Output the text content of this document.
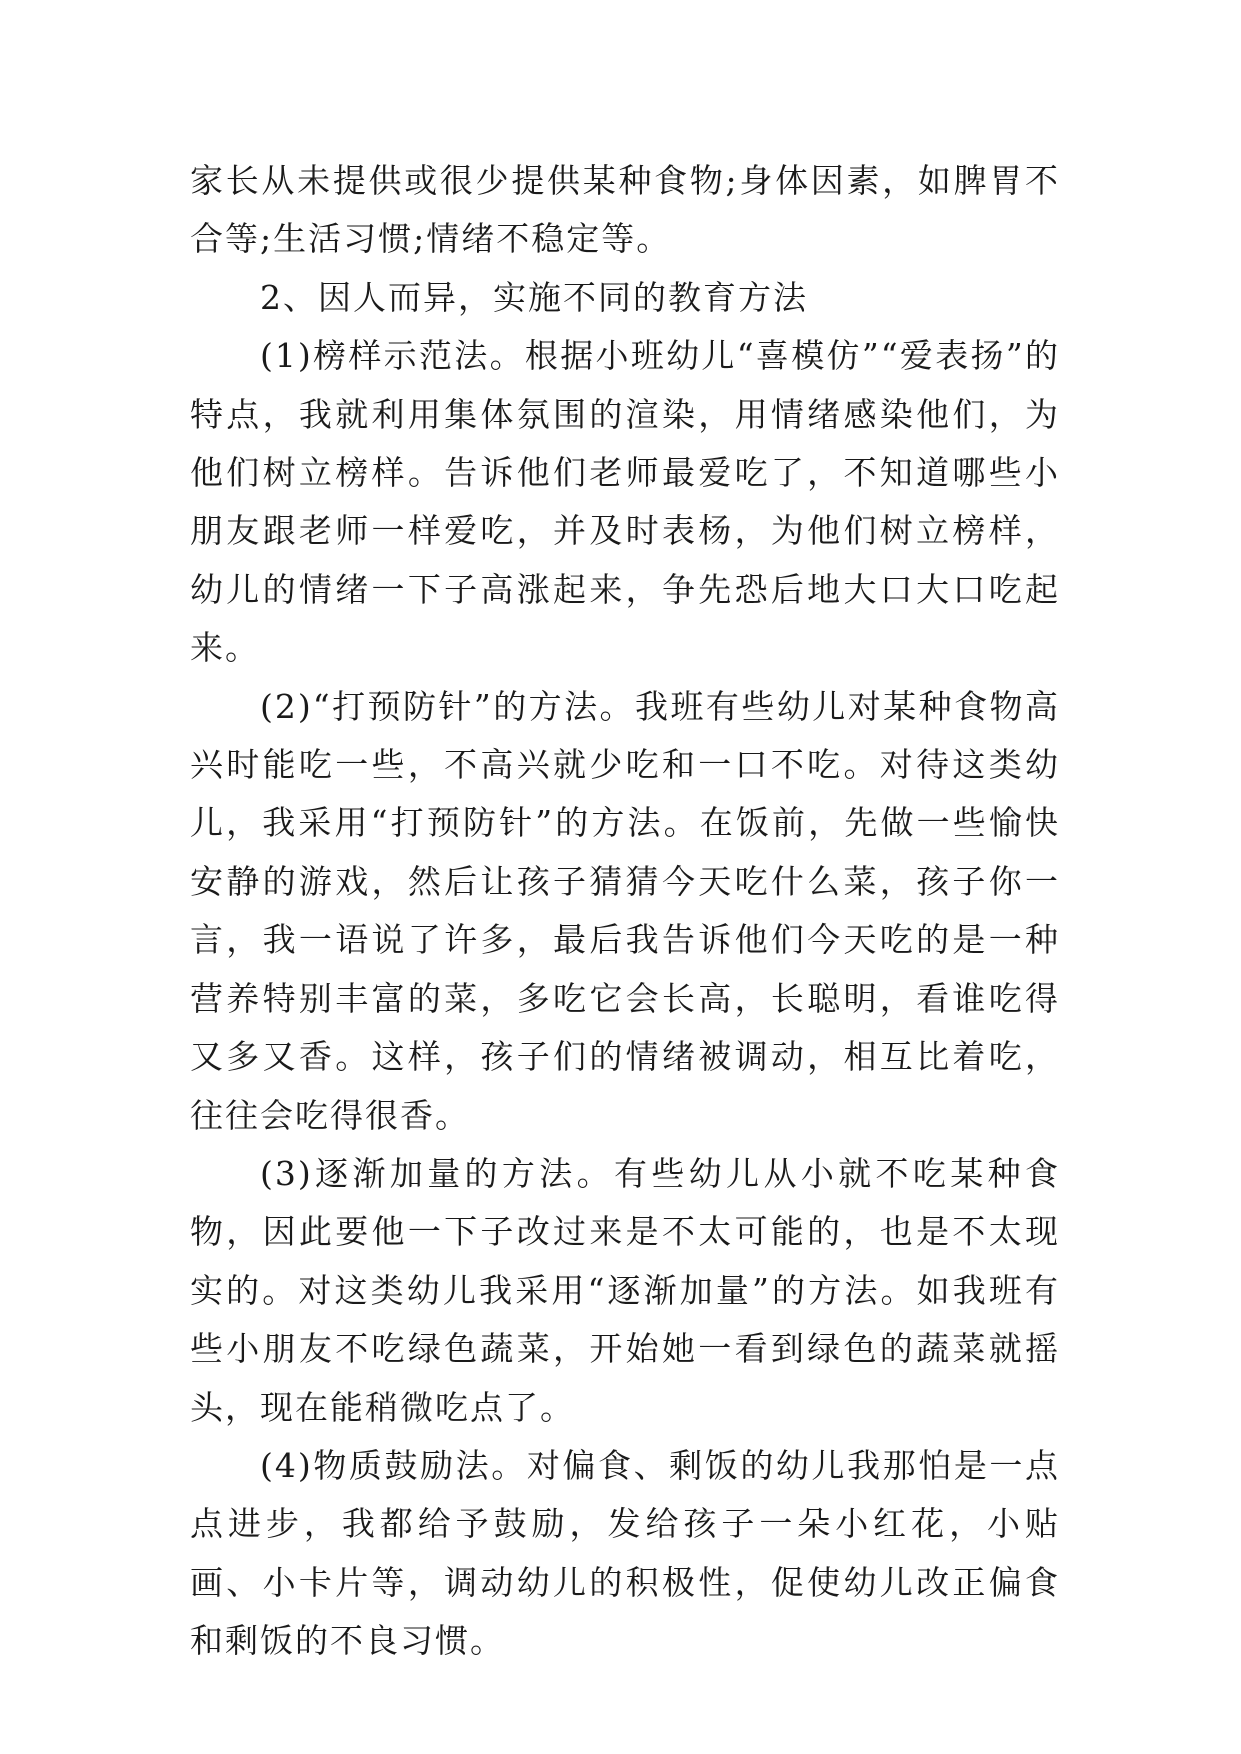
家长从未提供或很少提供某种食物;身体因素，如脾胃不合等;生活习惯;情绪不稳定等。

2、因人而异，实施不同的教育方法

(1)榜样示范法。根据小班幼儿“喜模仿”“爱表扬”的特点，我就利用集体氛围的渲染，用情绪感染他们，为他们树立榜样。告诉他们老师最爱吃了，不知道哪些小朋友跟老师一样爱吃，并及时表杨，为他们树立榜样，幼儿的情绪一下子高涨起来，争先恐后地大口大口吃起来。

(2)“打预防针”的方法。我班有些幼儿对某种食物高兴时能吃一些，不高兴就少吃和一口不吃。对待这类幼儿，我采用“打预防针”的方法。在饭前，先做一些愉快安静的游戏，然后让孩子猜猜今天吃什么菜，孩子你一言，我一语说了许多，最后我告诉他们今天吃的是一种营养特别丰富的菜，多吃它会长高，长聪明，看谁吃得又多又香。这样，孩子们的情绪被调动，相互比着吃，往往会吃得很香。

(3)逐渐加量的方法。有些幼儿从小就不吃某种食物，因此要他一下子改过来是不太可能的，也是不太现实的。对这类幼儿我采用“逐渐加量”的方法。如我班有些小朋友不吃绿色蔬菜，开始她一看到绿色的蔬菜就摇头，现在能稍微吃点了。

(4)物质鼓励法。对偏食、剩饭的幼儿我那怕是一点点进步，我都给予鼓励，发给孩子一朵小红花，小贴画、小卡片等，调动幼儿的积极性，促使幼儿改正偏食和剩饭的不良习惯。
